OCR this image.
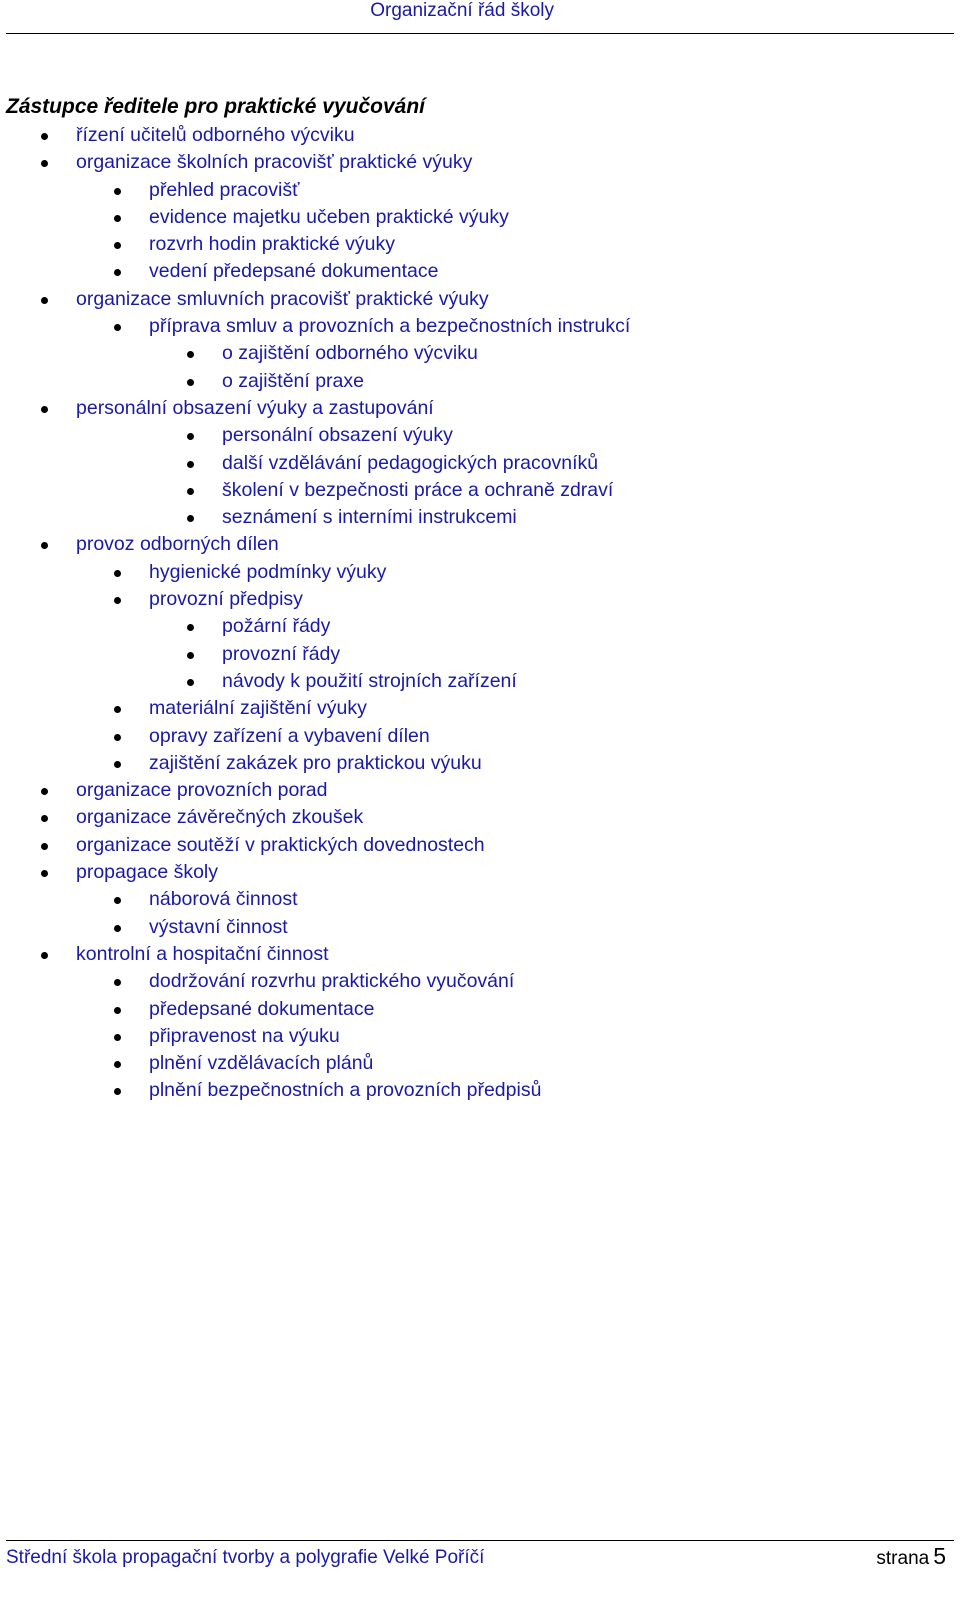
Organizační řád školy
Zástupce ředitele pro praktické vyučování
řízení učitelů odborného výcviku
organizace školních pracovišť praktické výuky
přehled pracovišť
evidence majetku učeben praktické výuky
rozvrh hodin praktické výuky
vedení předepsané dokumentace
organizace smluvních pracovišť praktické výuky
příprava smluv a provozních a bezpečnostních instrukcí
o zajištění odborného výcviku
o zajištění praxe
personální obsazení výuky a zastupování
personální obsazení výuky
další vzdělávání pedagogických pracovníků
školení v bezpečnosti práce a ochraně zdraví
seznámení s interními instrukcemi
provoz odborných dílen
hygienické podmínky výuky
provozní předpisy
požární řády
provozní řády
návody k použití strojních zařízení
materiální zajištění výuky
opravy zařízení a vybavení dílen
zajištění zakázek pro praktickou výuku
organizace provozních porad
organizace závěrečných zkoušek
organizace soutěží v praktických dovednostech
propagace školy
náborová činnost
výstavní činnost
kontrolní a hospitační činnost
dodržování rozvrhu praktického vyučování
předepsané dokumentace
připravenost na výuku
plnění vzdělávacích plánů
plnění bezpečnostních a provozních předpisů
Střední škola propagační tvorby a polygrafie Velké Poříčí	strana 5
